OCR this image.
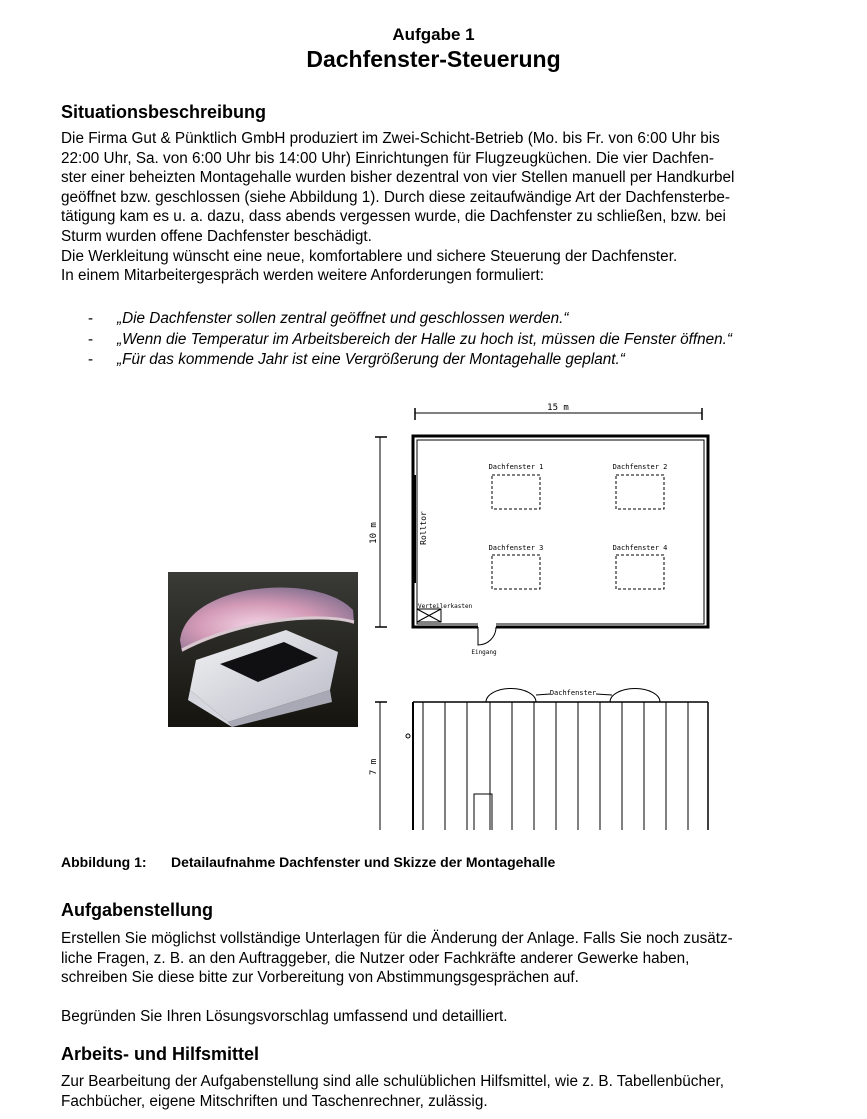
Aufgabe 1
Dachfenster-Steuerung
Situationsbeschreibung
Die Firma Gut & Pünktlich GmbH produziert im Zwei-Schicht-Betrieb (Mo. bis Fr. von 6:00 Uhr bis
22:00 Uhr, Sa. von 6:00 Uhr bis 14:00 Uhr) Einrichtungen für Flugzeugküchen. Die vier Dachfen-
ster einer beheizten Montagehalle wurden bisher dezentral von vier Stellen manuell per Handkurbel
geöffnet bzw. geschlossen (siehe Abbildung 1). Durch diese zeitaufwändige Art der Dachfensterbe-
tätigung kam es u. a. dazu, dass abends vergessen wurde, die Dachfenster zu schließen, bzw. bei
Sturm wurden offene Dachfenster beschädigt.
Die Werkleitung wünscht eine neue, komfortablere und sichere Steuerung der Dachfenster.
In einem Mitarbeitergespräch werden weitere Anforderungen formuliert:
-	„Die Dachfenster sollen zentral geöffnet und geschlossen werden.“
-	„Wenn die Temperatur im Arbeitsbereich der Halle zu hoch ist, müssen die Fenster öffnen.“
-	„Für das kommende Jahr ist eine Vergrößerung der Montagehalle geplant.“
15 m
10 m
Dachfenster 1	Dachfenster 2
Dachfenster 3	Dachfenster 4
Rolltor
Verteilerkasten
Eingang
Dachfenster
7 m
Abbildung 1: Detailaufnahme Dachfenster und Skizze der Montagehalle
Aufgabenstellung
Erstellen Sie möglichst vollständige Unterlagen für die Änderung der Anlage. Falls Sie noch zusätz-
liche Fragen, z. B. an den Auftraggeber, die Nutzer oder Fachkräfte anderer Gewerke haben,
schreiben Sie diese bitte zur Vorbereitung von Abstimmungsgesprächen auf.
Begründen Sie Ihren Lösungsvorschlag umfassend und detailliert.
Arbeits- und Hilfsmittel
Zur Bearbeitung der Aufgabenstellung sind alle schulüblichen Hilfsmittel, wie z. B. Tabellenbücher,
Fachbücher, eigene Mitschriften und Taschenrechner, zulässig.
